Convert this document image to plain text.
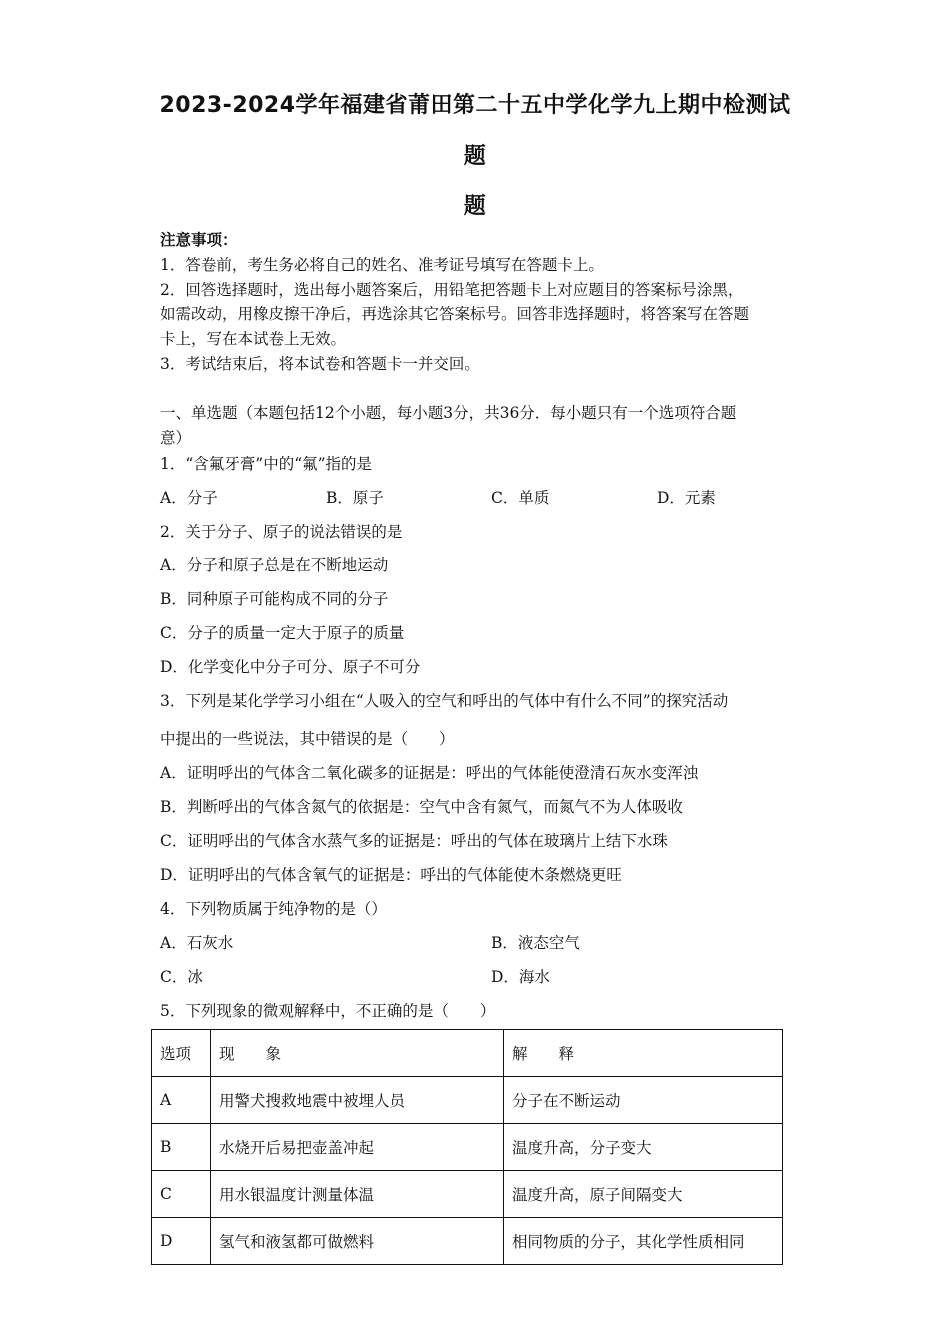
2023-2024学年福建省莆田第二十五中学化学九上期中检测试
题
题
注意事项：
1．答卷前，考生务必将自己的姓名、准考证号填写在答题卡上。
2．回答选择题时，选出每小题答案后，用铅笔把答题卡上对应题目的答案标号涂黑，
如需改动，用橡皮擦干净后，再选涂其它答案标号。回答非选择题时，将答案写在答题
卡上，写在本试卷上无效。
3．考试结束后，将本试卷和答题卡一并交回。
一、单选题（本题包括12个小题，每小题3分，共36分．每小题只有一个选项符合题
意）
1．“含氟牙膏”中的“氟”指的是
A．分子	B．原子	C．单质	D．元素
2．关于分子、原子的说法错误的是
A．分子和原子总是在不断地运动
B．同种原子可能构成不同的分子
C．分子的质量一定大于原子的质量
D．化学变化中分子可分、原子不可分
3．下列是某化学学习小组在“人吸入的空气和呼出的气体中有什么不同”的探究活动
中提出的一些说法，其中错误的是（　　）
A．证明呼出的气体含二氧化碳多的证据是：呼出的气体能使澄清石灰水变浑浊
B．判断呼出的气体含氮气的依据是：空气中含有氮气，而氮气不为人体吸收
C．证明呼出的气体含水蒸气多的证据是：呼出的气体在玻璃片上结下水珠
D．证明呼出的气体含氧气的证据是：呼出的气体能使木条燃烧更旺
4．下列物质属于纯净物的是（）
A．石灰水	B．液态空气
C．冰	D．海水
5．下列现象的微观解释中，不正确的是（　　）
选项	现　　象	解　　释
A	用警犬搜救地震中被埋人员	分子在不断运动
B	水烧开后易把壶盖冲起	温度升高，分子变大
C	用水银温度计测量体温	温度升高，原子间隔变大
D	氢气和液氢都可做燃料	相同物质的分子，其化学性质相同
